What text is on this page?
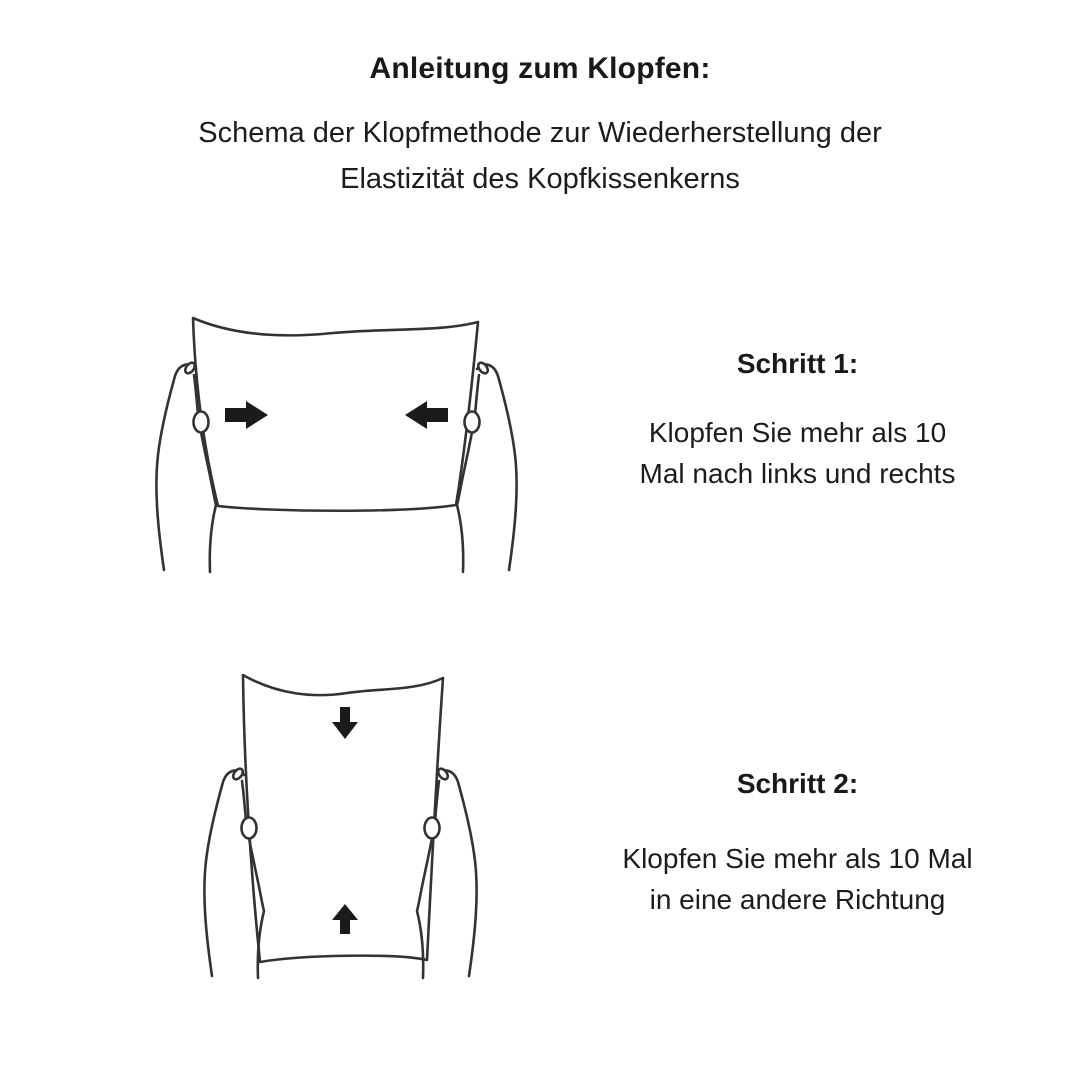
Anleitung zum Klopfen:

Schema der Klopfmethode zur Wiederherstellung der
Elastizität des Kopfkissenkerns

Schritt 1:

Klopfen Sie mehr als 10
Mal nach links und rechts

Schritt 2:

Klopfen Sie mehr als 10 Mal
in eine andere Richtung
